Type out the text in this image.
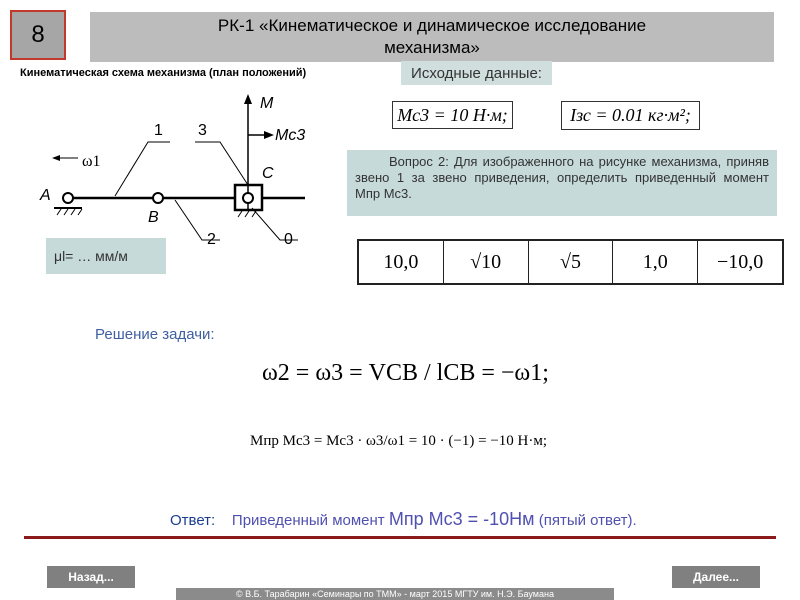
8	РК-1 «Кинематическое и динамическое исследование
механизма»
Кинематическая схема механизма (план положений)	Исходные данные:
Mс3 = 10 Н·м;	Iзс = 0.01 кг·м²;
A
B
C
M
Mс3
1 3
2	0
ω1
μl= … мм/м
Вопрос 2: Для изображенного на рисунке механизма, приняв звено 1 за звено приведения, определить приведенный момент Mпр Mс3.
10,0	√10	√5	1,0	−10,0
Решение задачи:
ω2 = ω3 = VCB / lCB = −ω1;
Mпр Mс3 = Mс3 · ω3/ω1 = 10 · (−1) = −10 Н·м;
Ответ: Приведенный момент Mпр Mс3 = -10Нм (пятый ответ).
Назад...	Далее...
© В.Б. Тарабарин «Семинары по ТММ» - март 2015 МГТУ им. Н.Э. Баумана
